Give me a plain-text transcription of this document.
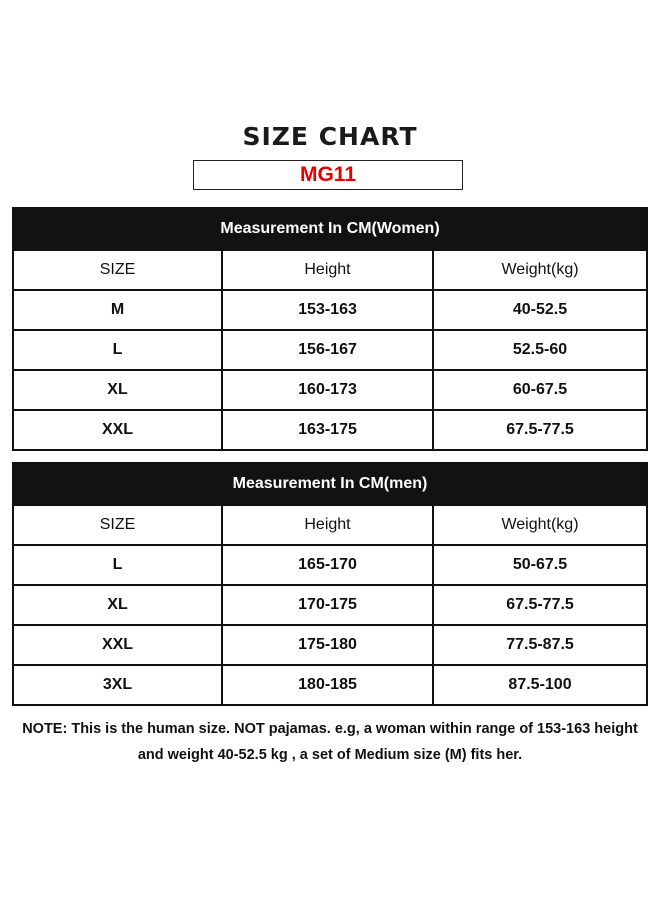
SIZE CHART
MG11
Measurement In CM(Women)		
SIZE	Height	Weight(kg)
M	153-163	40-52.5
L	156-167	52.5-60
XL	160-173	60-67.5
XXL	163-175	67.5-77.5
Measurement In CM(men)		
SIZE	Height	Weight(kg)
L	165-170	50-67.5
XL	170-175	67.5-77.5
XXL	175-180	77.5-87.5
3XL	180-185	87.5-100
NOTE: This is the human size. NOT pajamas. e.g, a woman within range of 153-163 height
and weight 40-52.5 kg , a set of Medium size (M) fits her.
